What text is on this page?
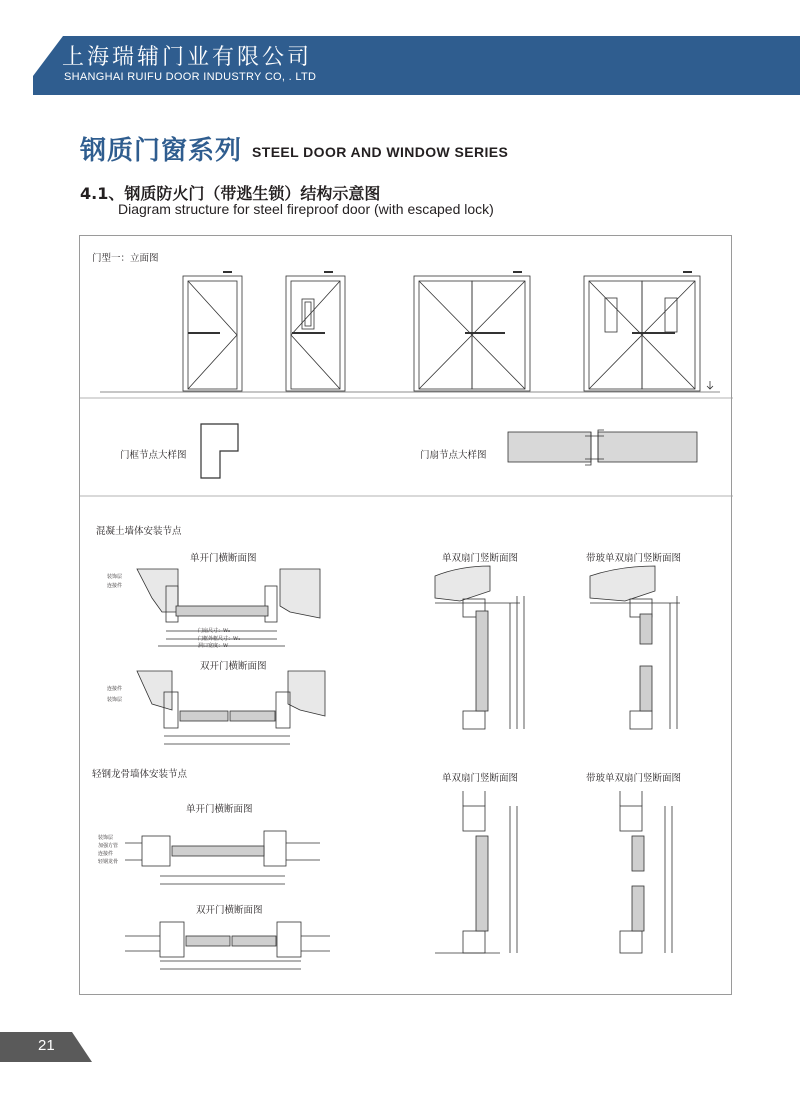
上海瑞辅门业有限公司
SHANGHAI RUIFU DOOR INDUSTRY CO, . LTD
钢质门窗系列 STEEL DOOR AND WINDOW SERIES
4.1、钢质防火门（带逃生锁）结构示意图
Diagram structure for steel fireproof door (with escaped lock)
门型一：立面图
门框节点大样图	门扇节点大样图
混凝土墙体安装节点
单开门横断面图	单双扇门竖断面图	带玻单双扇门竖断面图
双开门横断面图
装饰层
连接件
连接件
装饰层
门扇尺寸：W₀
门框外框尺寸：W₁
洞口宽度：W
轻钢龙骨墙体安装节点
单开门横断面图
单双扇门竖断面图	带玻单双扇门竖断面图
双开门横断面图
装饰层
加强方管
连接件
轻钢龙骨
21
